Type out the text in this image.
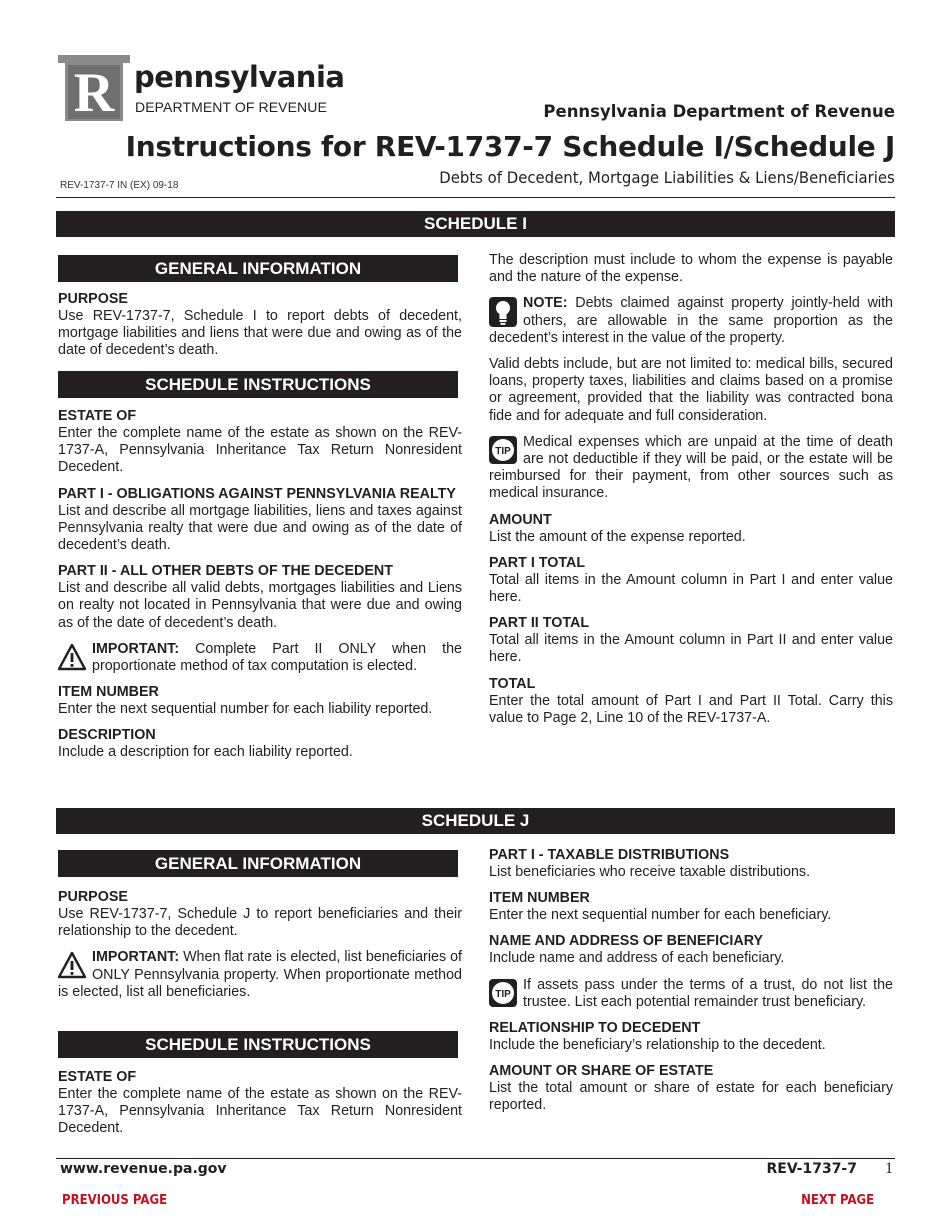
R pennsylvania
DEPARTMENT OF REVENUE	Pennsylvania Department of Revenue
Instructions for REV-1737-7 Schedule I/Schedule J
Debts of Decedent, Mortgage Liabilities & Liens/Beneficiaries
REV-1737-7 IN (EX) 09-18
SCHEDULE I
GENERAL INFORMATION
PURPOSE

Use REV-1737-7, Schedule I to report debts of decedent, mortgage liabilities and liens that were due and owing as of the date of decedent’s death.

SCHEDULE INSTRUCTIONS
ESTATE OF

Enter the complete name of the estate as shown on the REV-1737-A, Pennsylvania Inheritance Tax Return Nonresident Decedent.

PART I - OBLIGATIONS AGAINST PENNSYLVANIA REALTY

List and describe all mortgage liabilities, liens and taxes against Pennsylvania realty that were due and owing as of the date of decedent’s death.

PART II - ALL OTHER DEBTS OF THE DECEDENT

List and describe all valid debts, mortgages liabilities and Liens on realty not located in Pennsylvania that were due and owing as of the date of decedent’s death.

IMPORTANT: Complete Part II ONLY when the proportionate method of tax computation is elected.

ITEM NUMBER

Enter the next sequential number for each liability reported.

DESCRIPTION

Include a description for each liability reported.

The description must include to whom the expense is payable and the nature of the expense.

NOTE: Debts claimed against property jointly-held with others, are allowable in the same proportion as the decedent’s interest in the value of the property.

Valid debts include, but are not limited to: medical bills, secured loans, property taxes, liabilities and claims based on a promise or agreement, provided that the liability was contracted bona fide and for adequate and full consideration.

TIP

Medical expenses which are unpaid at the time of death are not deductible if they will be paid, or the estate will be reimbursed for their payment, from other sources such as medical insurance.

AMOUNT

List the amount of the expense reported.

PART I TOTAL

Total all items in the Amount column in Part I and enter value here.

PART II TOTAL

Total all items in the Amount column in Part II and enter value here.

TOTAL

Enter the total amount of Part I and Part II Total. Carry this value to Page 2, Line 10 of the REV-1737-A.

SCHEDULE J
GENERAL INFORMATION
PURPOSE

Use REV-1737-7, Schedule J to report beneficiaries and their relationship to the decedent.

IMPORTANT: When flat rate is elected, list beneficiaries of ONLY Pennsylvania property. When proportionate method is elected, list all beneficiaries.

SCHEDULE INSTRUCTIONS
ESTATE OF

Enter the complete name of the estate as shown on the REV-1737-A, Pennsylvania Inheritance Tax Return Nonresident Decedent.

PART I - TAXABLE DISTRIBUTIONS

List beneficiaries who receive taxable distributions.

ITEM NUMBER

Enter the next sequential number for each beneficiary.

NAME AND ADDRESS OF BENEFICIARY

Include name and address of each beneficiary.

TIP

If assets pass under the terms of a trust, do not list the trustee. List each potential remainder trust beneficiary.

RELATIONSHIP TO DECEDENT

Include the beneficiary’s relationship to the decedent.

AMOUNT OR SHARE OF ESTATE

List the total amount or share of estate for each beneficiary reported.

www.revenue.pa.gov	REV-1737-7 1
PREVIOUS PAGE	NEXT PAGE
